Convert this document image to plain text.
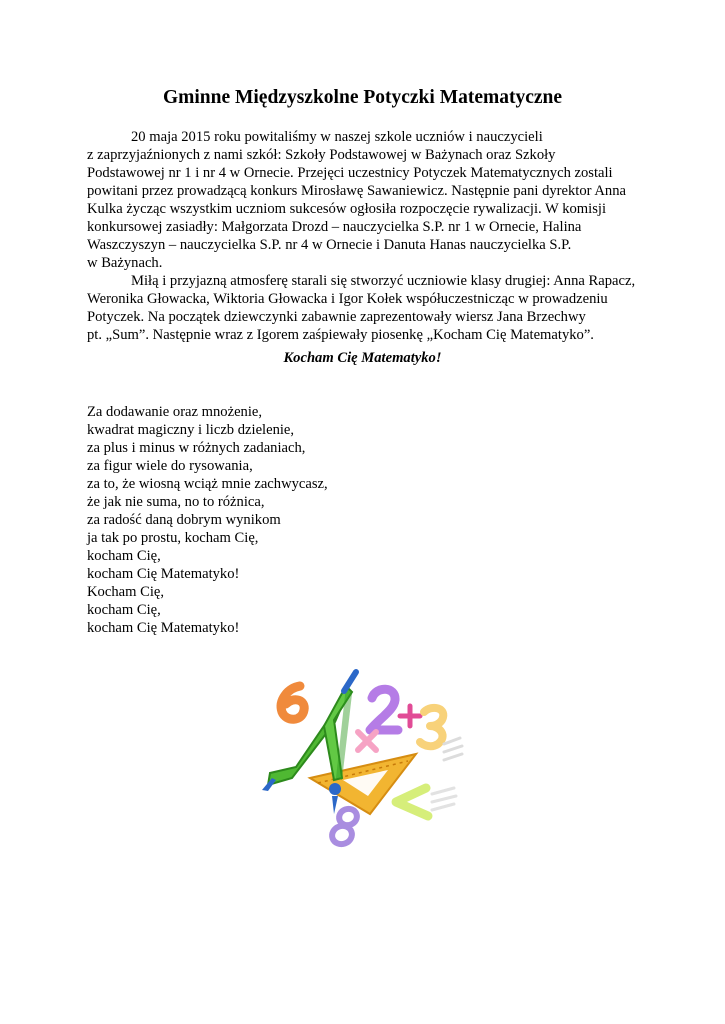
Gminne Międzyszkolne Potyczki Matematyczne
20 maja 2015 roku powitaliśmy w naszej szkole uczniów i nauczycieli
z zaprzyjaźnionych z nami szkół: Szkoły Podstawowej w Bażynach oraz Szkoły
Podstawowej nr 1 i nr 4 w Ornecie. Przejęci uczestnicy Potyczek Matematycznych zostali
powitani przez prowadzącą konkurs Mirosławę Sawaniewicz. Następnie pani dyrektor Anna
Kulka życząc wszystkim uczniom sukcesów ogłosiła rozpoczęcie rywalizacji. W komisji
konkursowej zasiadły: Małgorzata Drozd – nauczycielka S.P. nr 1 w Ornecie, Halina
Waszczyszyn – nauczycielka S.P. nr 4 w Ornecie i Danuta Hanas nauczycielka S.P.
w Bażynach.
Miłą i przyjazną atmosferę starali się stworzyć uczniowie klasy drugiej: Anna Rapacz,
Weronika Głowacka, Wiktoria Głowacka i Igor Kołek współuczestnicząc w prowadzeniu
Potyczek. Na początek dziewczynki zabawnie zaprezentowały wiersz Jana Brzechwy
pt. „Sum”. Następnie wraz z Igorem zaśpiewały piosenkę „Kocham Cię Matematyko”.
Kocham Cię Matematyko!
Za dodawanie oraz mnożenie,
kwadrat magiczny i liczb dzielenie,
za plus i minus w różnych zadaniach,
za figur wiele do rysowania,
za to, że wiosną wciąż mnie zachwycasz,
że jak nie suma, no to różnica,
za radość daną dobrym wynikom
ja tak po prostu, kocham Cię,
kocham Cię,
kocham Cię Matematyko!
Kocham Cię,
kocham Cię,
kocham Cię Matematyko!
